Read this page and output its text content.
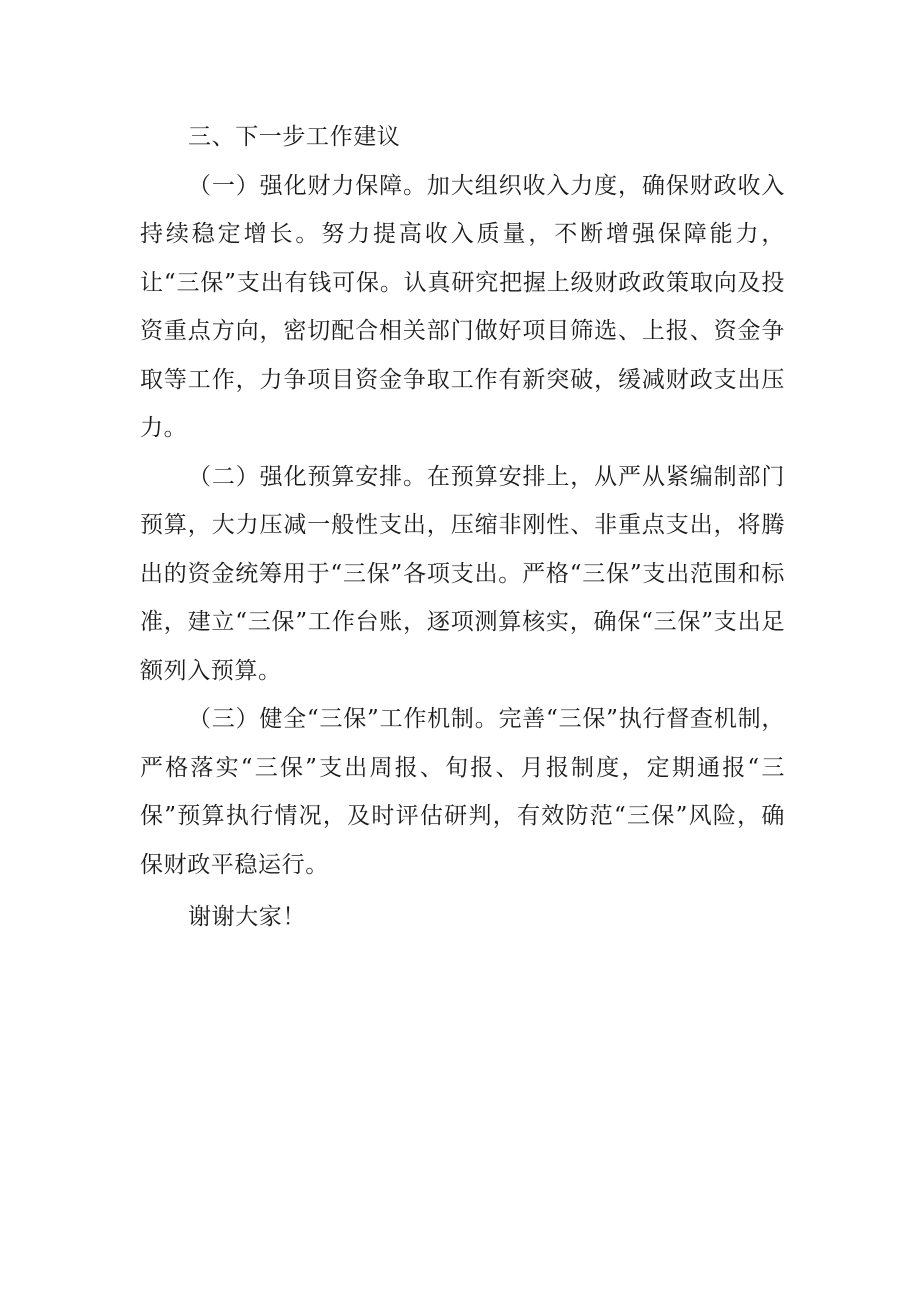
三、下一步工作建议

（一）强化财力保障。加大组织收入力度，确保财政收入持续稳定增长。努力提高收入质量，不断增强保障能力，让“三保”支出有钱可保。认真研究把握上级财政政策取向及投资重点方向，密切配合相关部门做好项目筛选、上报、资金争取等工作，力争项目资金争取工作有新突破，缓减财政支出压力。

（二）强化预算安排。在预算安排上，从严从紧编制部门预算，大力压减一般性支出，压缩非刚性、非重点支出，将腾出的资金统筹用于“三保”各项支出。严格“三保”支出范围和标准，建立“三保”工作台账，逐项测算核实，确保“三保”支出足额列入预算。

（三）健全“三保”工作机制。完善“三保”执行督查机制，严格落实“三保”支出周报、旬报、月报制度，定期通报“三保”预算执行情况，及时评估研判，有效防范“三保”风险，确保财政平稳运行。

谢谢大家！
